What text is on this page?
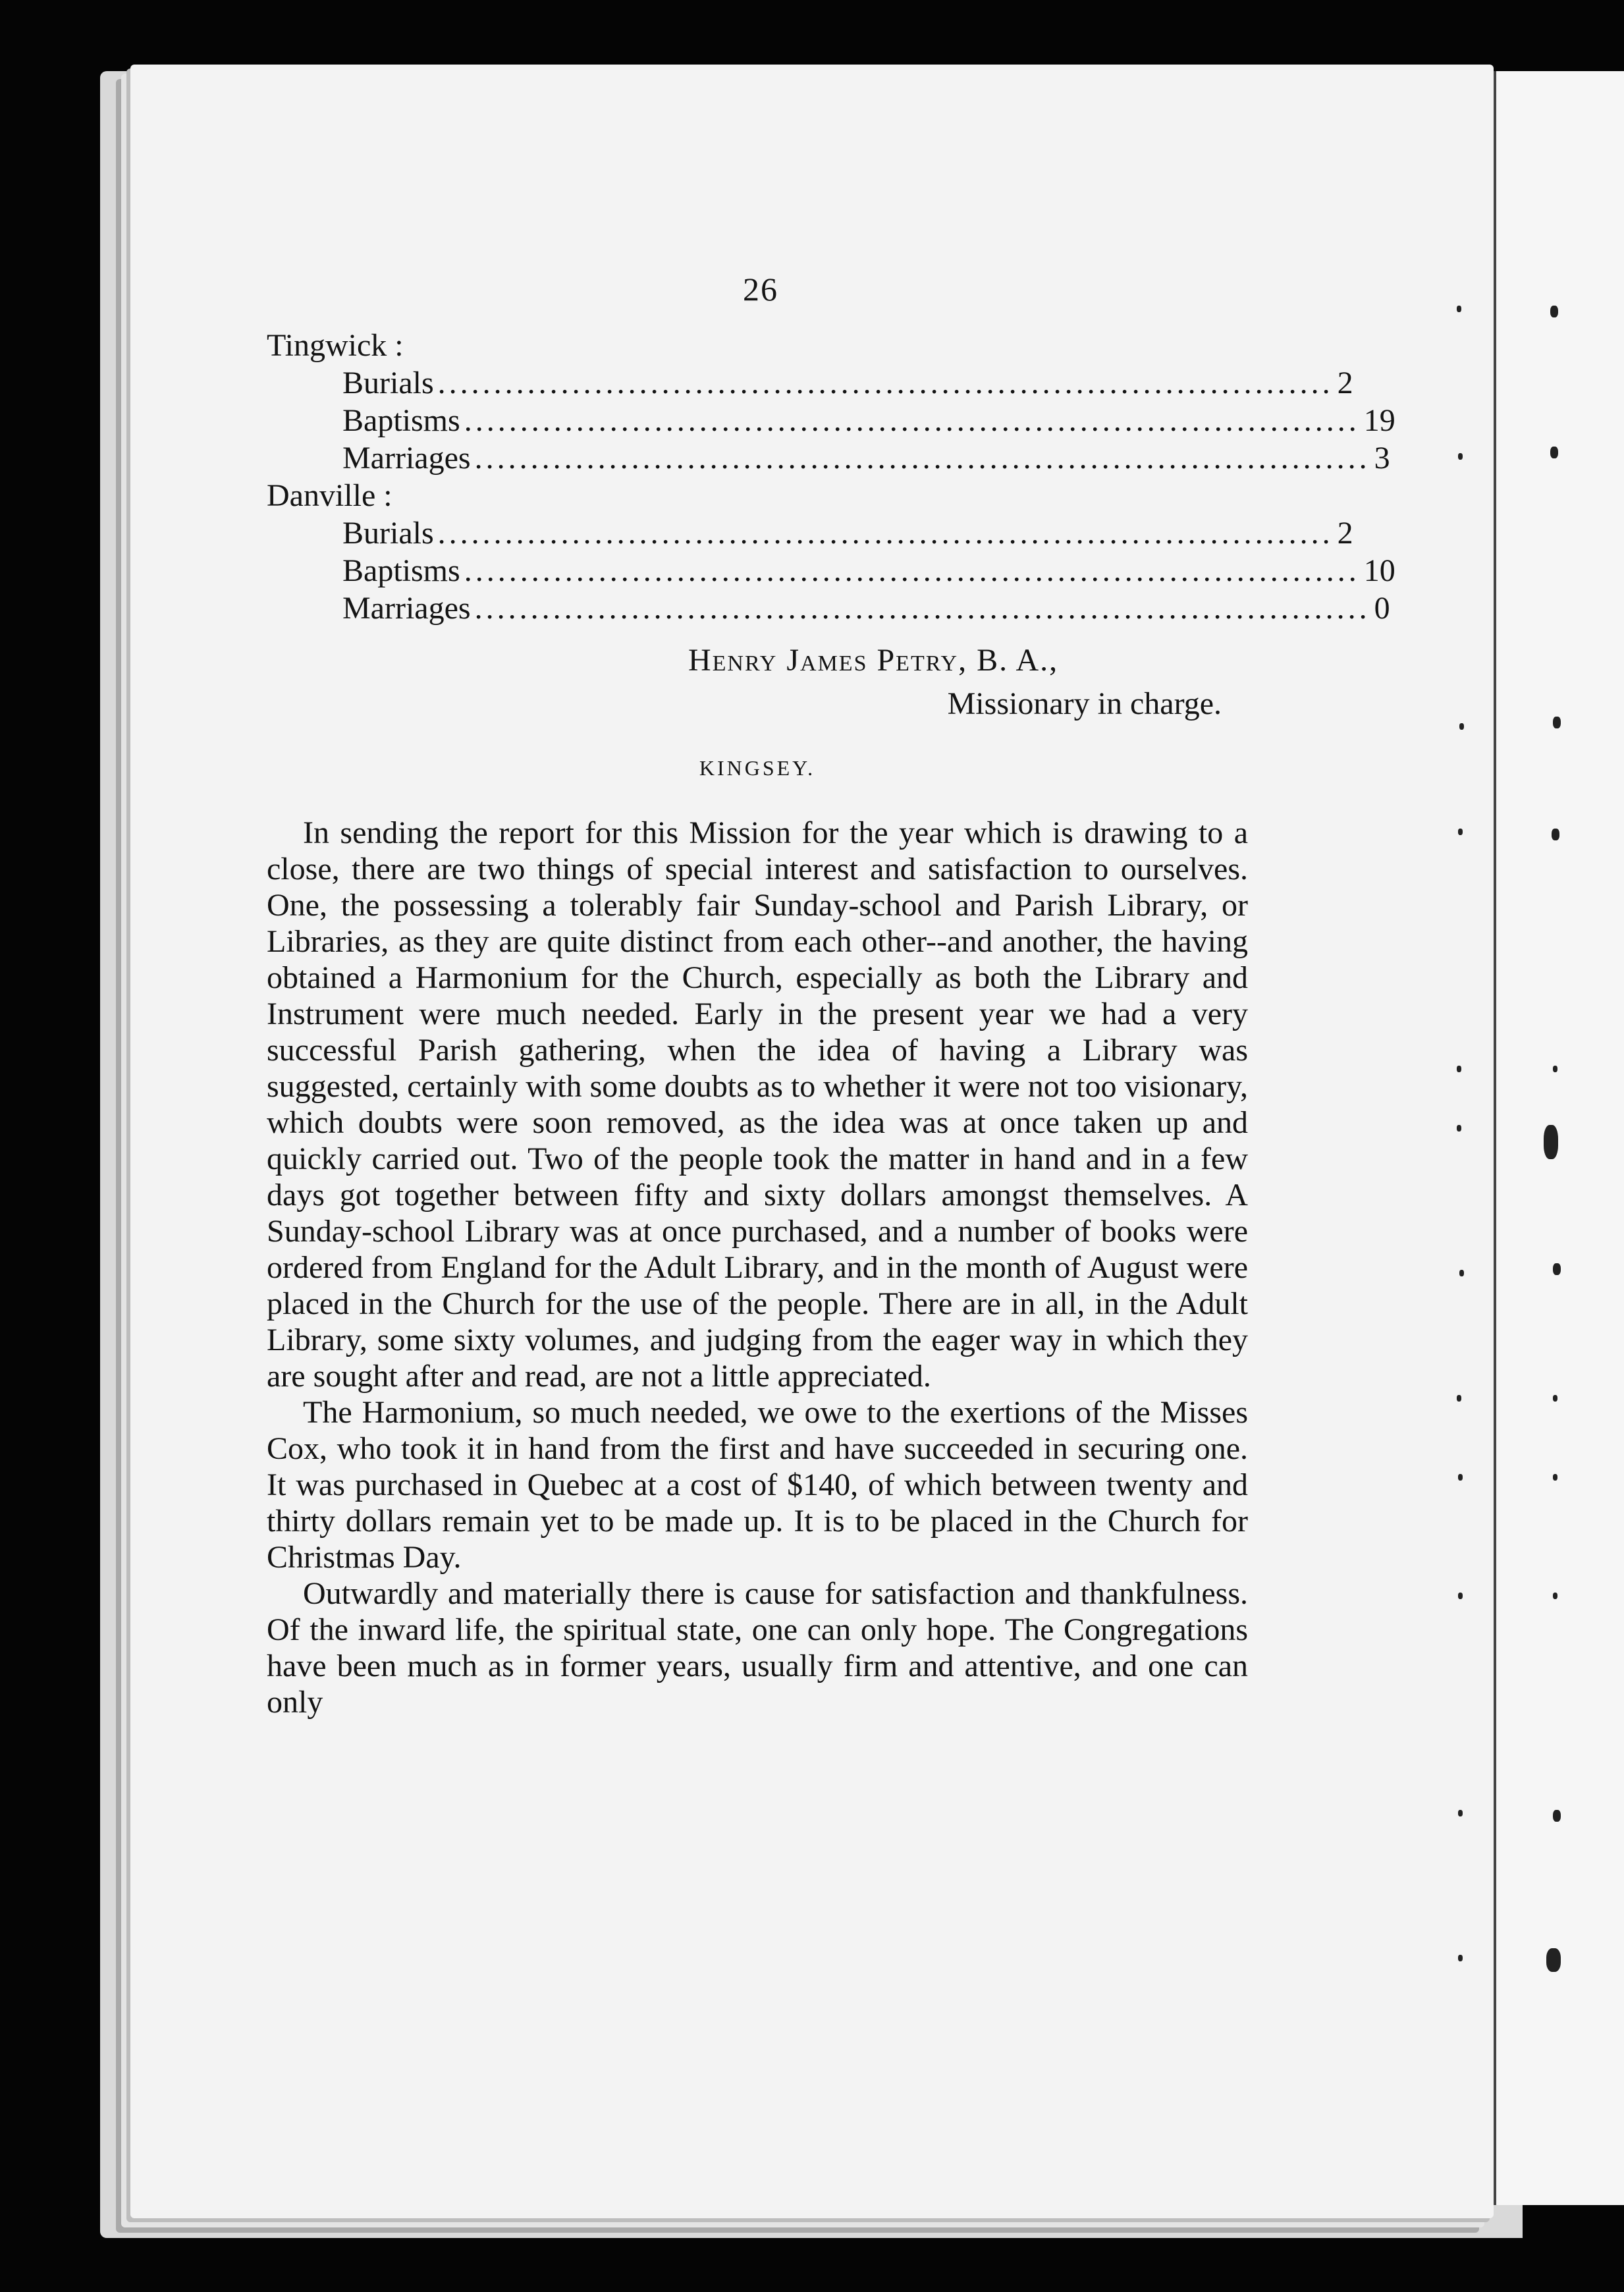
26
Tingwick :
Burials ................................................................................ 2
Baptisms ................................................................................ 19
Marriages ................................................................................ 3
Danville :
Burials ................................................................................ 2
Baptisms ................................................................................ 10
Marriages ................................................................................ 0
Henry James Petry, B. A.,
Missionary in charge.
KINGSEY.

In sending the report for this Mission for the year which is drawing to a close, there are two things of special interest and satisfaction to ourselves. One, the possessing a tolerably fair Sunday-school and Parish Library, or Libraries, as they are quite distinct from each other--and another, the having obtained a Harmonium for the Church, especially as both the Library and Instrument were much needed. Early in the present year we had a very successful Parish gathering, when the idea of having a Library was suggested, certainly with some doubts as to whether it were not too visionary, which doubts were soon removed, as the idea was at once taken up and quickly carried out. Two of the people took the matter in hand and in a few days got together between fifty and sixty dollars amongst themselves. A Sunday-school Library was at once purchased, and a number of books were ordered from England for the Adult Library, and in the month of August were placed in the Church for the use of the people. There are in all, in the Adult Library, some sixty volumes, and judging from the eager way in which they are sought after and read, are not a little appreciated.

The Harmonium, so much needed, we owe to the exertions of the Misses Cox, who took it in hand from the first and have succeeded in securing one. It was purchased in Quebec at a cost of $140, of which between twenty and thirty dollars remain yet to be made up. It is to be placed in the Church for Christmas Day.

Outwardly and materially there is cause for satisfaction and thankfulness. Of the inward life, the spiritual state, one can only hope. The Congregations have been much as in former years, usually firm and attentive, and one can only
